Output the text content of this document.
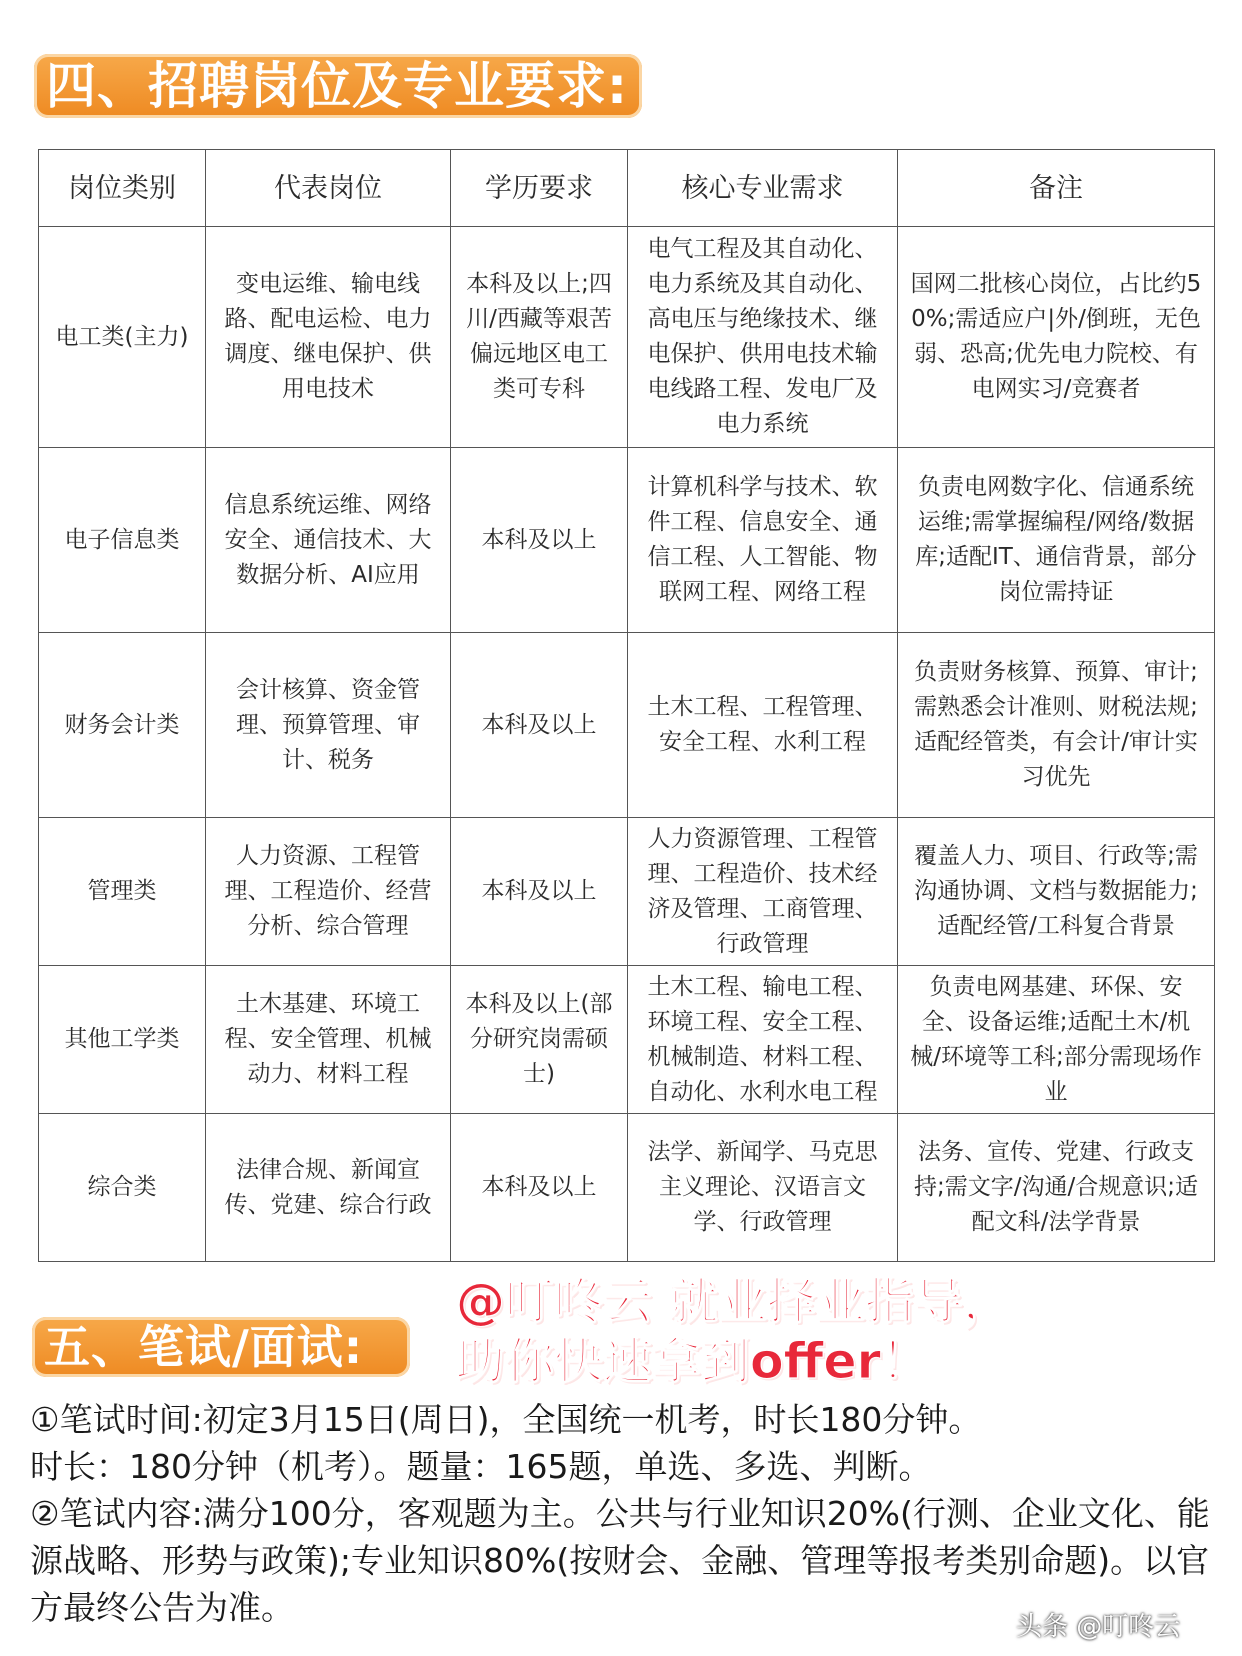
四、招聘岗位及专业要求:
岗位类别	代表岗位	学历要求	核心专业需求	备注
电工类(主力)	变电运维、输电线路、配电运检、电力调度、继电保护、供用电技术	本科及以上;四川/西藏等艰苦偏远地区电工类可专科	电气工程及其自动化、电力系统及其自动化、高电压与绝缘技术、继电保护、供用电技术输电线路工程、发电厂及电力系统	国网二批核心岗位，占比约50%;需适应户|外/倒班，无色弱、恐高;优先电力院校、有电网实习/竞赛者
电子信息类	信息系统运维、网络安全、通信技术、大数据分析、AI应用	本科及以上	计算机科学与技术、软件工程、信息安全、通信工程、人工智能、物联网工程、网络工程	负责电网数字化、信通系统运维;需掌握编程/网络/数据库;适配IT、通信背景，部分岗位需持证
财务会计类	会计核算、资金管理、预算管理、审计、税务	本科及以上	土木工程、工程管理、安全工程、水利工程	负责财务核算、预算、审计;需熟悉会计准则、财税法规;适配经管类，有会计/审计实习优先
管理类	人力资源、工程管理、工程造价、经营分析、综合管理	本科及以上	人力资源管理、工程管理、工程造价、技术经济及管理、工商管理、行政管理	覆盖人力、项目、行政等;需沟通协调、文档与数据能力;适配经管/工科复合背景
其他工学类	土木基建、环境工程、安全管理、机械动力、材料工程	本科及以上(部分研究岗需硕士)	土木工程、输电工程、环境工程、安全工程、机械制造、材料工程、自动化、水利水电工程	负责电网基建、环保、安全、设备运维;适配土木/机械/环境等工科;部分需现场作业
综合类	法律合规、新闻宣传、党建、综合行政	本科及以上	法学、新闻学、马克思主义理论、汉语言文学、行政管理	法务、宣传、党建、行政支持;需文字/沟通/合规意识;适配文科/法学背景
@叮咚云 就业择业指导，
助你快速拿到offer！
五、笔试/面试:

①笔试时间:初定3月15日(周日)，全国统一机考，时长180分钟。

时长：180分钟（机考）。题量：165题，单选、多选、判断。

②笔试内容:满分100分，客观题为主。公共与行业知识20%(行测、企业文化、能源战略、形势与政策);专业知识80%(按财会、金融、管理等报考类别命题)。以官方最终公告为准。	头条 @叮咚云
